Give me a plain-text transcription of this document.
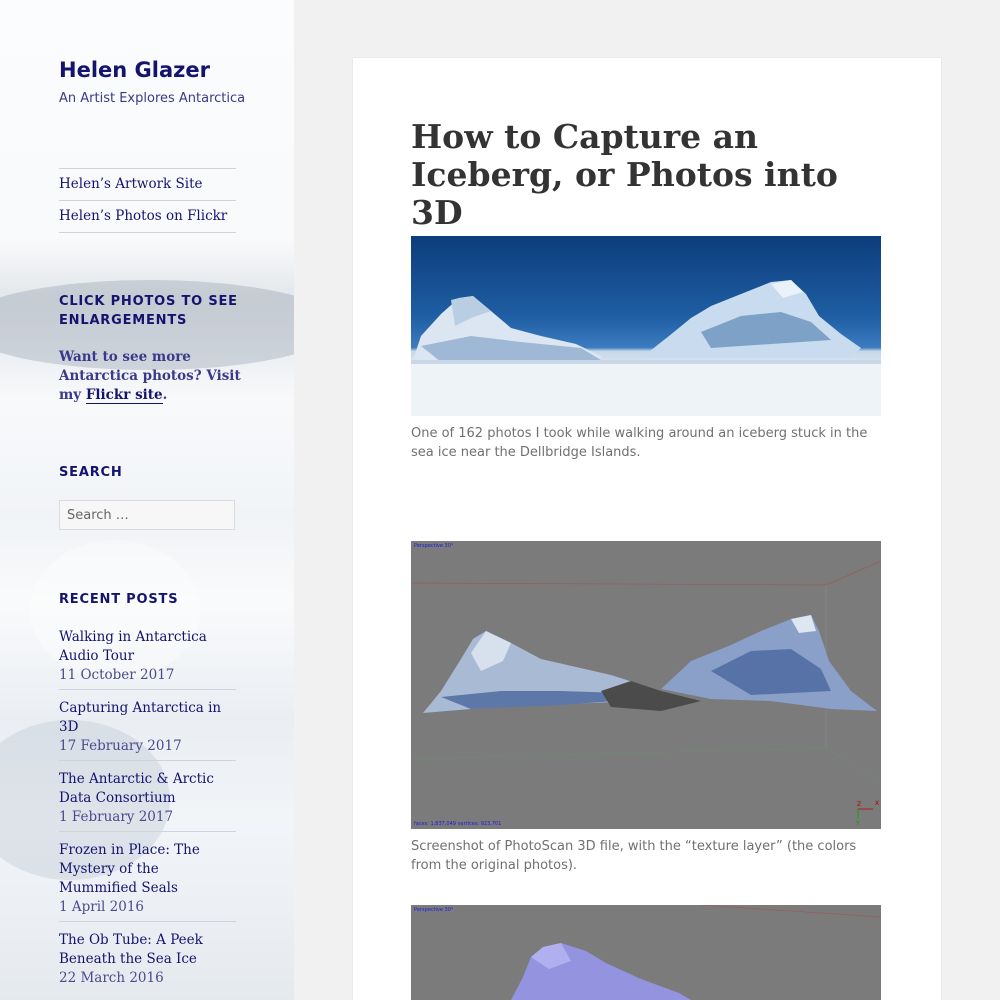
Helen Glazer

An Artist Explores Antarctica

Helen’s Artwork Site
Helen’s Photos on Flickr
CLICK PHOTOS TO SEE ENLARGEMENTS

Want to see more Antarctica photos? Visit my Flickr site.

SEARCH
Search …
RECENT POSTS
Walking in Antarctica Audio Tour
11 October 2017
Capturing Antarctica in 3D
17 February 2017
The Antarctic & Arctic Data Consortium
1 February 2017
Frozen in Place: The Mystery of the Mummified Seals
1 April 2016
The Ob Tube: A Peek Beneath the Sea Ice
22 March 2016
How to Capture an Iceberg, or Photos into 3D

One of 162 photos I took while walking around an iceberg stuck in the sea ice near the Dellbridge Islands.

Z X
Y
Perspective 30°
faces: 1,837,049 vertices: 923,701

Screenshot of PhotoScan 3D file, with the “texture layer” (the colors from the original photos).

Perspective 30°
